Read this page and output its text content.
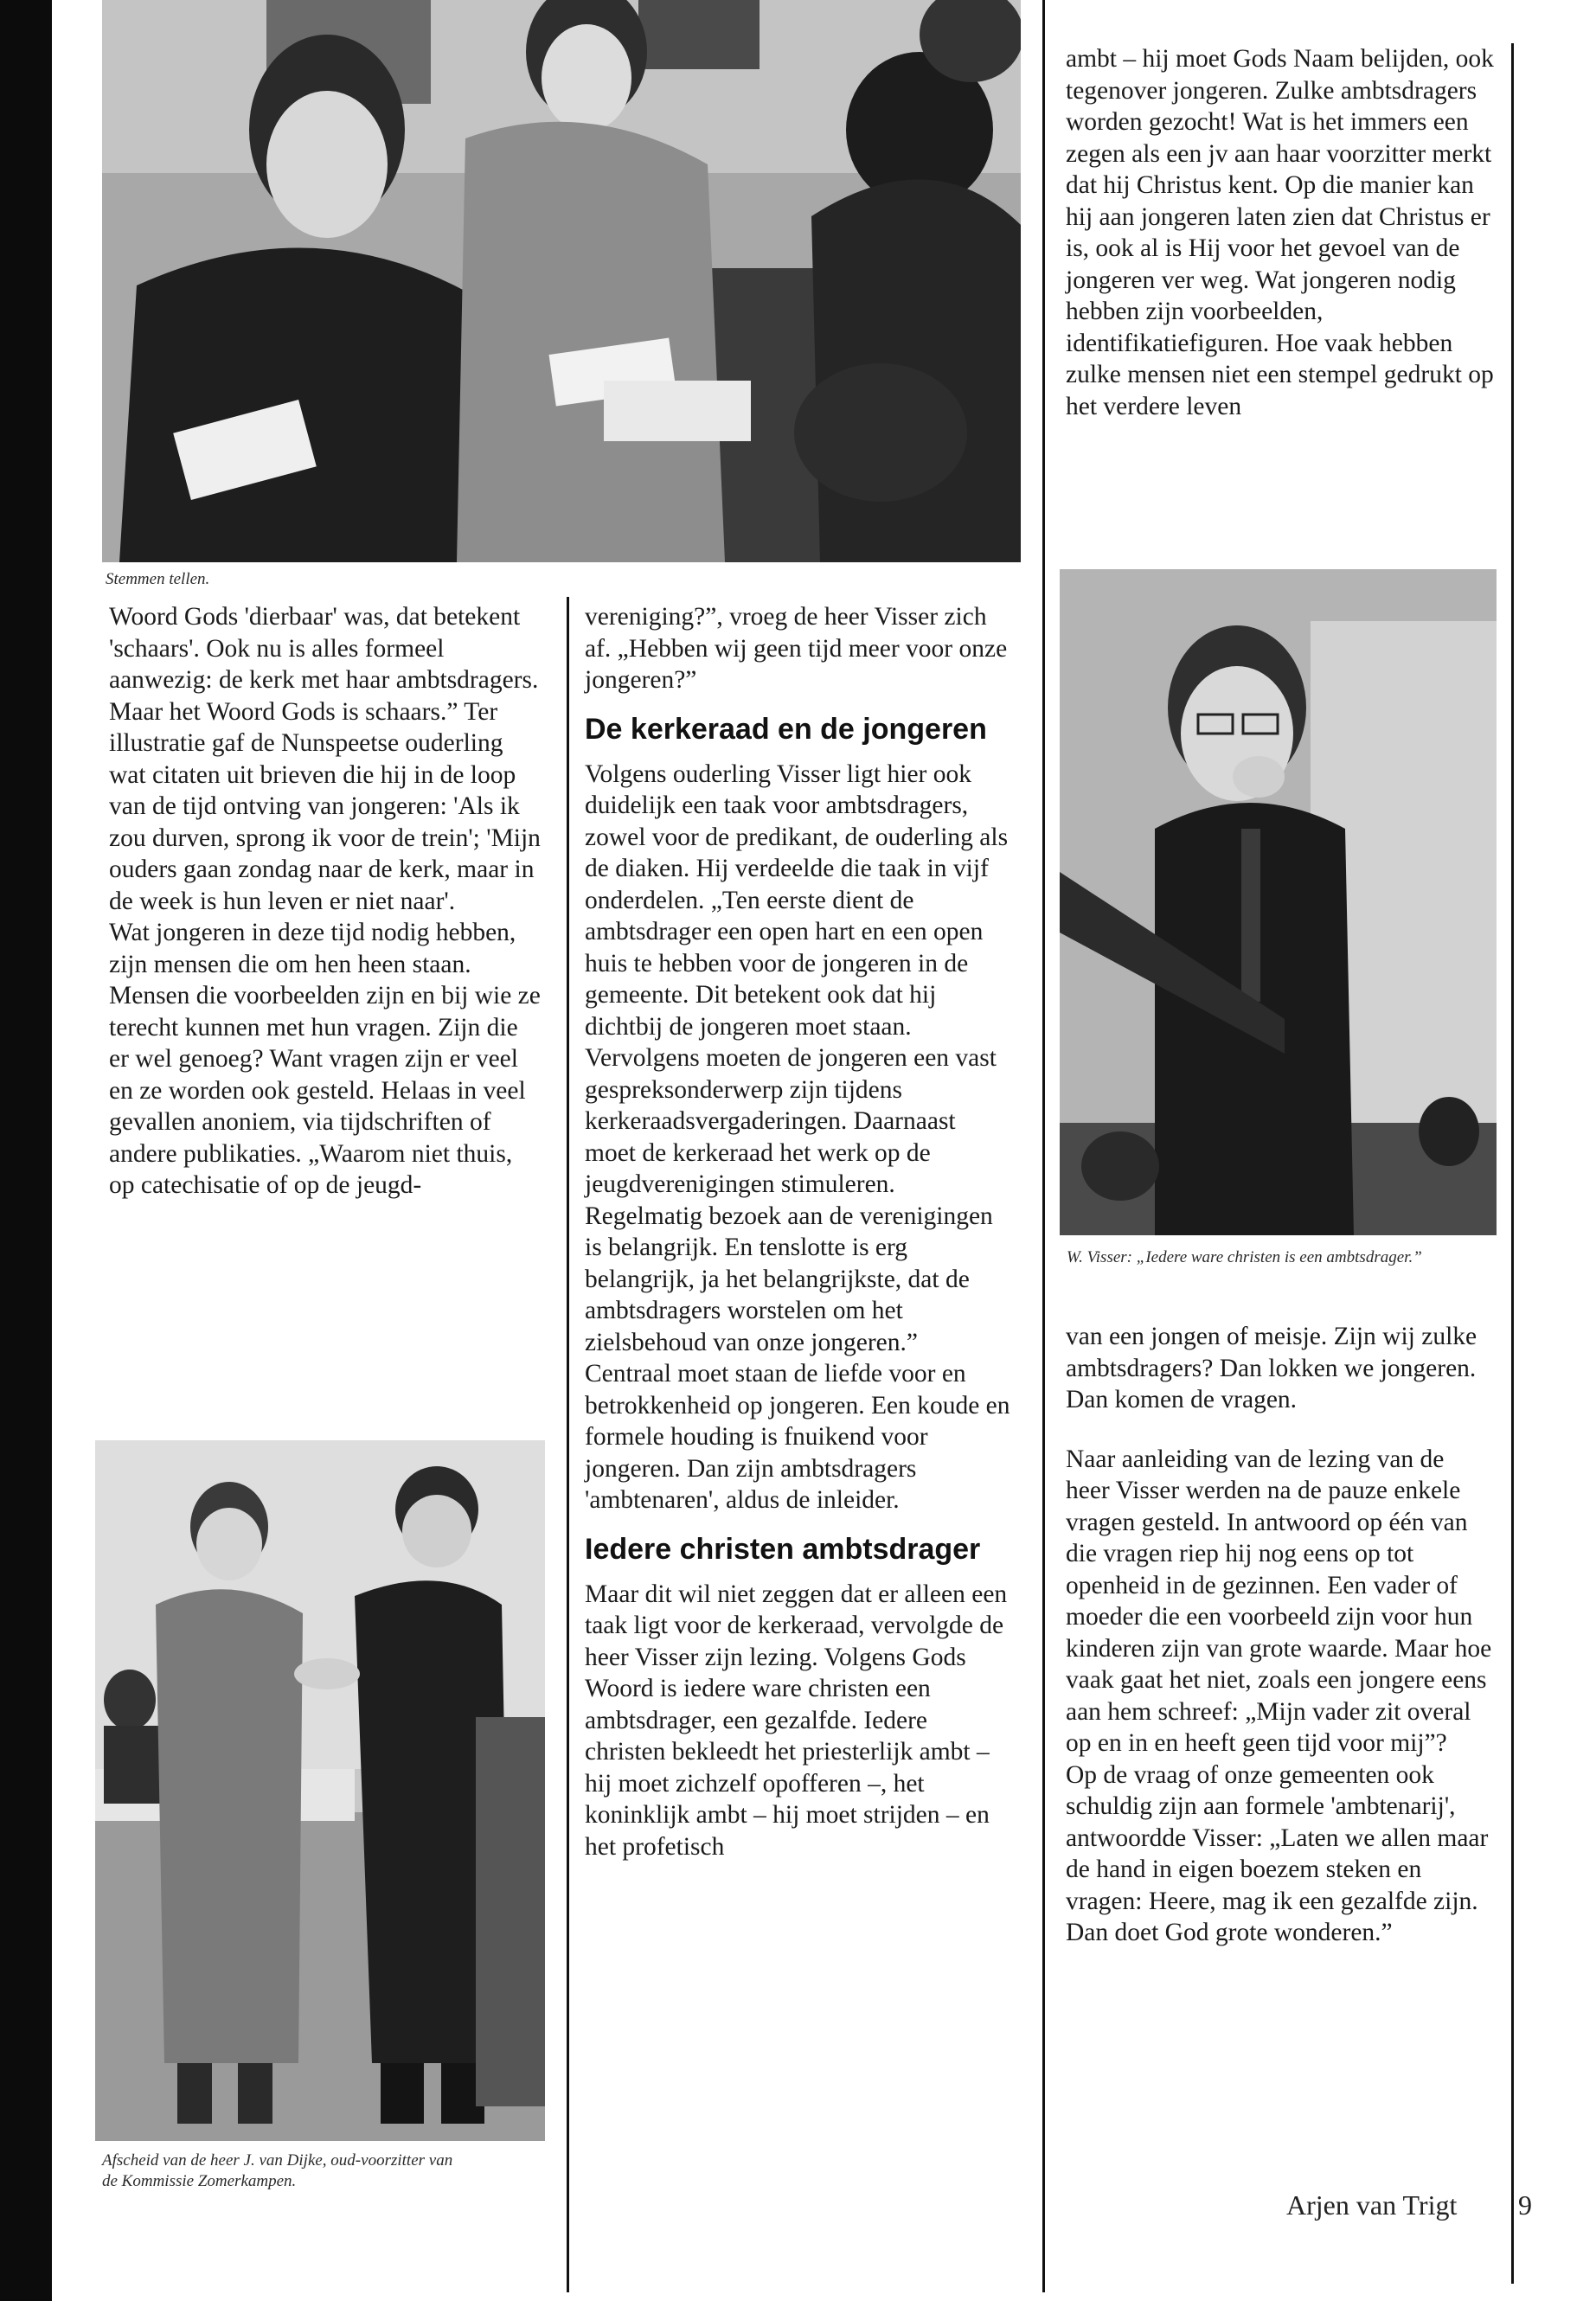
Stemmen tellen.

Woord Gods 'dierbaar' was, dat betekent 'schaars'. Ook nu is alles formeel aanwezig: de kerk met haar ambtsdragers. Maar het Woord Gods is schaars.” Ter illustratie gaf de Nunspeetse ouderling wat citaten uit brieven die hij in de loop van de tijd ontving van jongeren: 'Als ik zou durven, sprong ik voor de trein'; 'Mijn ouders gaan zondag naar de kerk, maar in de week is hun leven er niet naar'.

Wat jongeren in deze tijd nodig hebben, zijn mensen die om hen heen staan. Mensen die voorbeelden zijn en bij wie ze terecht kunnen met hun vragen. Zijn die er wel genoeg? Want vragen zijn er veel en ze worden ook gesteld. Helaas in veel gevallen anoniem, via tijdschriften of andere publikaties. „Waarom niet thuis, op catechisatie of op de jeugd-

Afscheid van de heer J. van Dijke, oud-voorzitter van de Kommissie Zomerkampen.

vereniging?”, vroeg de heer Visser zich af. „Hebben wij geen tijd meer voor onze jongeren?”

De kerkeraad en de jongeren

Volgens ouderling Visser ligt hier ook duidelijk een taak voor ambtsdragers, zowel voor de predikant, de ouderling als de diaken. Hij verdeelde die taak in vijf onderdelen. „Ten eerste dient de ambtsdrager een open hart en een open huis te hebben voor de jongeren in de gemeente. Dit betekent ook dat hij dichtbij de jongeren moet staan. Vervolgens moeten de jongeren een vast gespreksonderwerp zijn tijdens kerkeraadsvergaderingen. Daarnaast moet de kerkeraad het werk op de jeugdverenigingen stimuleren. Regelmatig bezoek aan de verenigingen is belangrijk. En tenslotte is erg belangrijk, ja het belangrijkste, dat de ambtsdragers worstelen om het zielsbehoud van onze jongeren.” Centraal moet staan de liefde voor en betrokkenheid op jongeren. Een koude en formele houding is fnuikend voor jongeren. Dan zijn ambtsdragers 'ambtenaren', aldus de inleider.

Iedere christen ambtsdrager

Maar dit wil niet zeggen dat er alleen een taak ligt voor de kerkeraad, vervolgde de heer Visser zijn lezing. Volgens Gods Woord is iedere ware christen een ambtsdrager, een gezalfde. Iedere christen bekleedt het priesterlijk ambt – hij moet zichzelf opofferen –, het koninklijk ambt – hij moet strijden – en het profetisch

ambt – hij moet Gods Naam belijden, ook tegenover jongeren. Zulke ambtsdragers worden gezocht! Wat is het immers een zegen als een jv aan haar voorzitter merkt dat hij Christus kent. Op die manier kan hij aan jongeren laten zien dat Christus er is, ook al is Hij voor het gevoel van de jongeren ver weg. Wat jongeren nodig hebben zijn voorbeelden, identifikatiefiguren. Hoe vaak hebben zulke mensen niet een stempel gedrukt op het verdere leven

W. Visser: „Iedere ware christen is een ambtsdrager.”

van een jongen of meisje. Zijn wij zulke ambtsdragers? Dan lokken we jongeren. Dan komen de vragen.

Naar aanleiding van de lezing van de heer Visser werden na de pauze enkele vragen gesteld. In antwoord op één van die vragen riep hij nog eens op tot openheid in de gezinnen. Een vader of moeder die een voorbeeld zijn voor hun kinderen zijn van grote waarde. Maar hoe vaak gaat het niet, zoals een jongere eens aan hem schreef: „Mijn vader zit overal op en in en heeft geen tijd voor mij”?

Op de vraag of onze gemeenten ook schuldig zijn aan formele 'ambtenarij', antwoordde Visser: „Laten we allen maar de hand in eigen boezem steken en vragen: Heere, mag ik een gezalfde zijn. Dan doet God grote wonderen.”

Arjen van Trigt 9
